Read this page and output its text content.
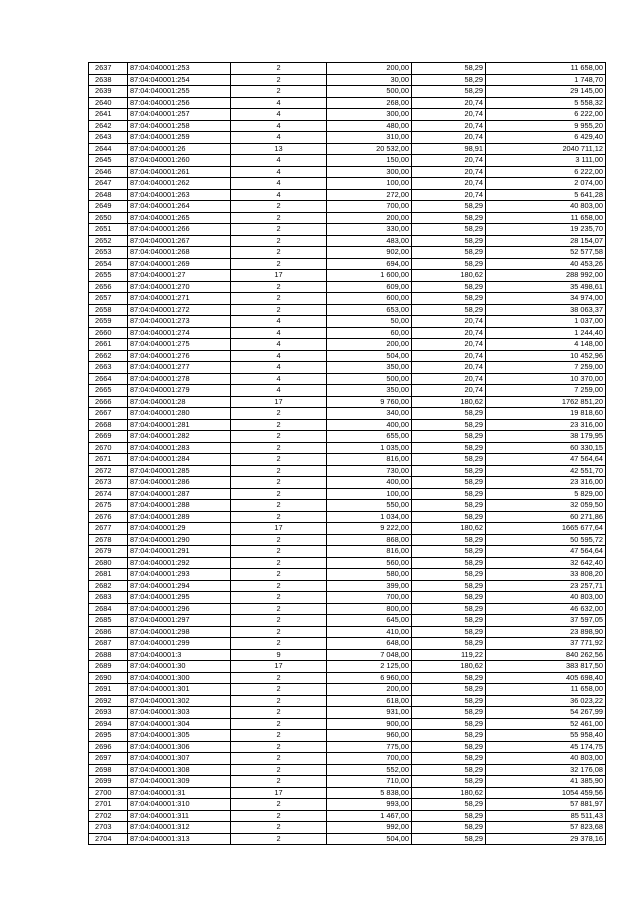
2637	87:04:040001:253	2	200,00	58,29	11 658,00
2638	87:04:040001:254	2	30,00	58,29	1 748,70
2639	87:04:040001:255	2	500,00	58,29	29 145,00
2640	87:04:040001:256	4	268,00	20,74	5 558,32
2641	87:04:040001:257	4	300,00	20,74	6 222,00
2642	87:04:040001:258	4	480,00	20,74	9 955,20
2643	87:04:040001:259	4	310,00	20,74	6 429,40
2644	87:04:040001:26	13	20 532,00	98,91	2040 711,12
2645	87:04:040001:260	4	150,00	20,74	3 111,00
2646	87:04:040001:261	4	300,00	20,74	6 222,00
2647	87:04:040001:262	4	100,00	20,74	2 074,00
2648	87:04:040001:263	4	272,00	20,74	5 641,28
2649	87:04:040001:264	2	700,00	58,29	40 803,00
2650	87:04:040001:265	2	200,00	58,29	11 658,00
2651	87:04:040001:266	2	330,00	58,29	19 235,70
2652	87:04:040001:267	2	483,00	58,29	28 154,07
2653	87:04:040001:268	2	902,00	58,29	52 577,58
2654	87:04:040001:269	2	694,00	58,29	40 453,26
2655	87:04:040001:27	17	1 600,00	180,62	288 992,00
2656	87:04:040001:270	2	609,00	58,29	35 498,61
2657	87:04:040001:271	2	600,00	58,29	34 974,00
2658	87:04:040001:272	2	653,00	58,29	38 063,37
2659	87:04:040001:273	4	50,00	20,74	1 037,00
2660	87:04:040001:274	4	60,00	20,74	1 244,40
2661	87:04:040001:275	4	200,00	20,74	4 148,00
2662	87:04:040001:276	4	504,00	20,74	10 452,96
2663	87:04:040001:277	4	350,00	20,74	7 259,00
2664	87:04:040001:278	4	500,00	20,74	10 370,00
2665	87:04:040001:279	4	350,00	20,74	7 259,00
2666	87:04:040001:28	17	9 760,00	180,62	1762 851,20
2667	87:04:040001:280	2	340,00	58,29	19 818,60
2668	87:04:040001:281	2	400,00	58,29	23 316,00
2669	87:04:040001:282	2	655,00	58,29	38 179,95
2670	87:04:040001:283	2	1 035,00	58,29	60 330,15
2671	87:04:040001:284	2	816,00	58,29	47 564,64
2672	87:04:040001:285	2	730,00	58,29	42 551,70
2673	87:04:040001:286	2	400,00	58,29	23 316,00
2674	87:04:040001:287	2	100,00	58,29	5 829,00
2675	87:04:040001:288	2	550,00	58,29	32 059,50
2676	87:04:040001:289	2	1 034,00	58,29	60 271,86
2677	87:04:040001:29	17	9 222,00	180,62	1665 677,64
2678	87:04:040001:290	2	868,00	58,29	50 595,72
2679	87:04:040001:291	2	816,00	58,29	47 564,64
2680	87:04:040001:292	2	560,00	58,29	32 642,40
2681	87:04:040001:293	2	580,00	58,29	33 808,20
2682	87:04:040001:294	2	399,00	58,29	23 257,71
2683	87:04:040001:295	2	700,00	58,29	40 803,00
2684	87:04:040001:296	2	800,00	58,29	46 632,00
2685	87:04:040001:297	2	645,00	58,29	37 597,05
2686	87:04:040001:298	2	410,00	58,29	23 898,90
2687	87:04:040001:299	2	648,00	58,29	37 771,92
2688	87:04:040001:3	9	7 048,00	119,22	840 262,56
2689	87:04:040001:30	17	2 125,00	180,62	383 817,50
2690	87:04:040001:300	2	6 960,00	58,29	405 698,40
2691	87:04:040001:301	2	200,00	58,29	11 658,00
2692	87:04:040001:302	2	618,00	58,29	36 023,22
2693	87:04:040001:303	2	931,00	58,29	54 267,99
2694	87:04:040001:304	2	900,00	58,29	52 461,00
2695	87:04:040001:305	2	960,00	58,29	55 958,40
2696	87:04:040001:306	2	775,00	58,29	45 174,75
2697	87:04:040001:307	2	700,00	58,29	40 803,00
2698	87:04:040001:308	2	552,00	58,29	32 176,08
2699	87:04:040001:309	2	710,00	58,29	41 385,90
2700	87:04:040001:31	17	5 838,00	180,62	1054 459,56
2701	87:04:040001:310	2	993,00	58,29	57 881,97
2702	87:04:040001:311	2	1 467,00	58,29	85 511,43
2703	87:04:040001:312	2	992,00	58,29	57 823,68
2704	87:04:040001:313	2	504,00	58,29	29 378,16
